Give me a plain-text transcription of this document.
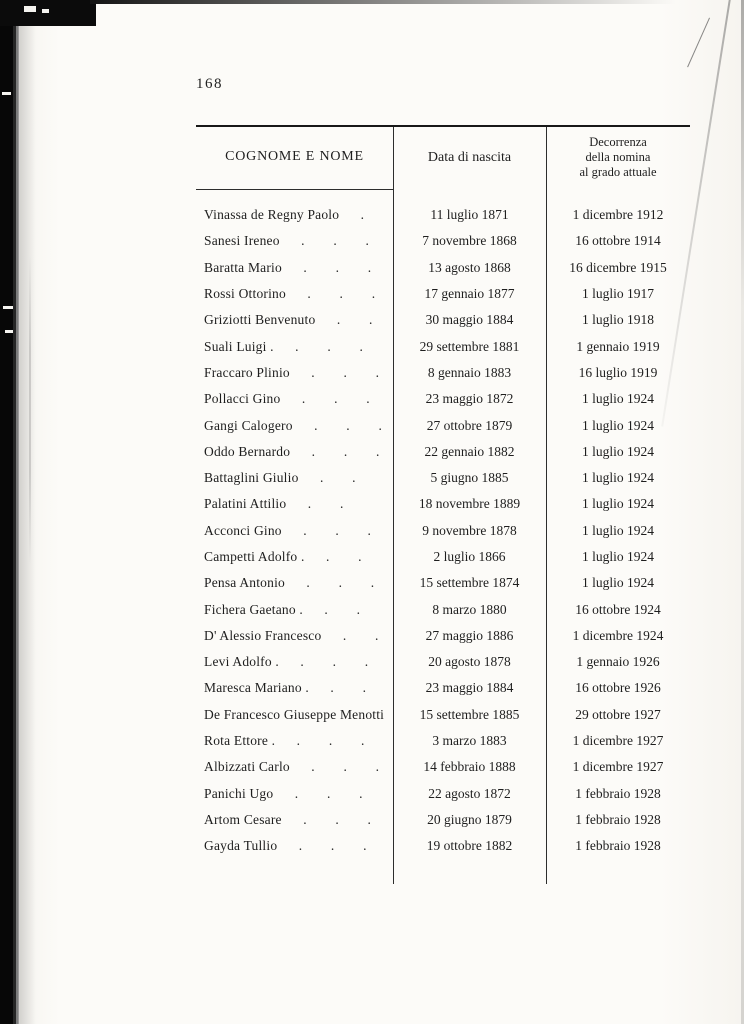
168
COGNOME E NOME	Data di nascita
Decorrenza
della nomina
al grado attuale
Vinassa de Regny Paolo      .	11 luglio 1871	1 dicembre 1912
Sanesi Ireneo      .        .        .	7 novembre 1868	16 ottobre 1914
Baratta Mario      .        .        .	13 agosto 1868	16 dicembre 1915
Rossi Ottorino      .        .        .	17 gennaio 1877	1 luglio 1917
Griziotti Benvenuto      .        .	30 maggio 1884	1 luglio 1918
Suali Luigi .      .        .        .	29 settembre 1881	1 gennaio 1919
Fraccaro Plinio      .        .        .	8 gennaio 1883	16 luglio 1919
Pollacci Gino      .        .        .	23 maggio 1872	1 luglio 1924
Gangi Calogero      .        .        .	27 ottobre 1879	1 luglio 1924
Oddo Bernardo      .        .        .	22 gennaio 1882	1 luglio 1924
Battaglini Giulio      .        .	5 giugno 1885	1 luglio 1924
Palatini Attilio      .        .	18 novembre 1889	1 luglio 1924
Acconci Gino      .        .        .	9 novembre 1878	1 luglio 1924
Campetti Adolfo .      .        .	2 luglio 1866	1 luglio 1924
Pensa Antonio      .        .        .	15 settembre 1874	1 luglio 1924
Fichera Gaetano .      .        .	8 marzo 1880	16 ottobre 1924
D' Alessio Francesco      .        .	27 maggio 1886	1 dicembre 1924
Levi Adolfo .      .        .        .	20 agosto 1878	1 gennaio 1926
Maresca Mariano .      .        .	23 maggio 1884	16 ottobre 1926
De Francesco Giuseppe Menotti	15 settembre 1885	29 ottobre 1927
Rota Ettore .      .        .        .	3 marzo 1883	1 dicembre 1927
Albizzati Carlo      .        .        .	14 febbraio 1888	1 dicembre 1927
Panichi Ugo      .        .        .	22 agosto 1872	1 febbraio 1928
Artom Cesare      .        .        .	20 giugno 1879	1 febbraio 1928
Gayda Tullio      .        .        .	19 ottobre 1882	1 febbraio 1928
